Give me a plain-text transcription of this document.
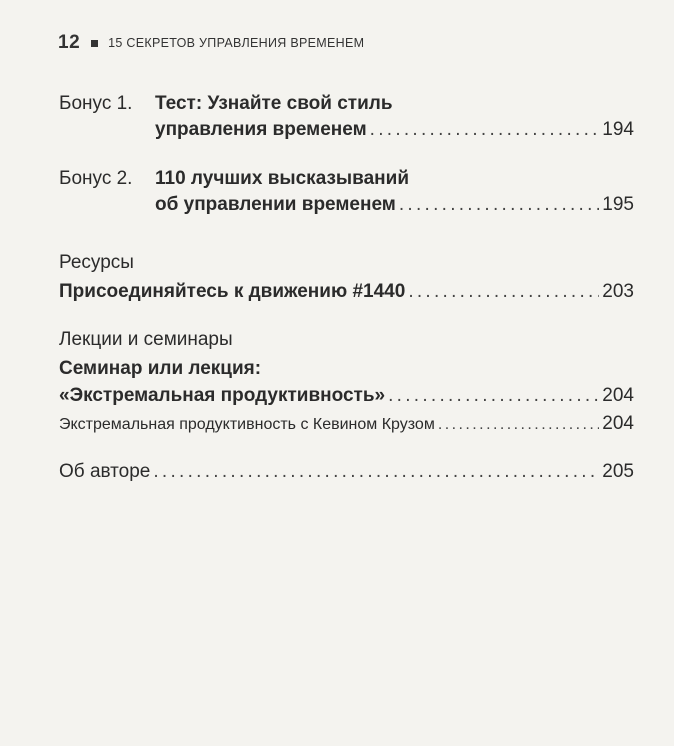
12 15 СЕКРЕТОВ УПРАВЛЕНИЯ ВРЕМЕНЕМ
Бонус 1. Тест: Узнайте свой стиль
управления временем . . .	194
Бонус 2. 110 лучших высказываний
об управлении временем . . .	195
Ресурсы
Присоединяйтесь к движению #1440 . . .	203
Лекции и семинары
Семинар или лекция:
«Экстремальная продуктивность» . . .	204
Экстремальная продуктивность с Кевином Крузом . . .	204
Об авторе . . .	205
